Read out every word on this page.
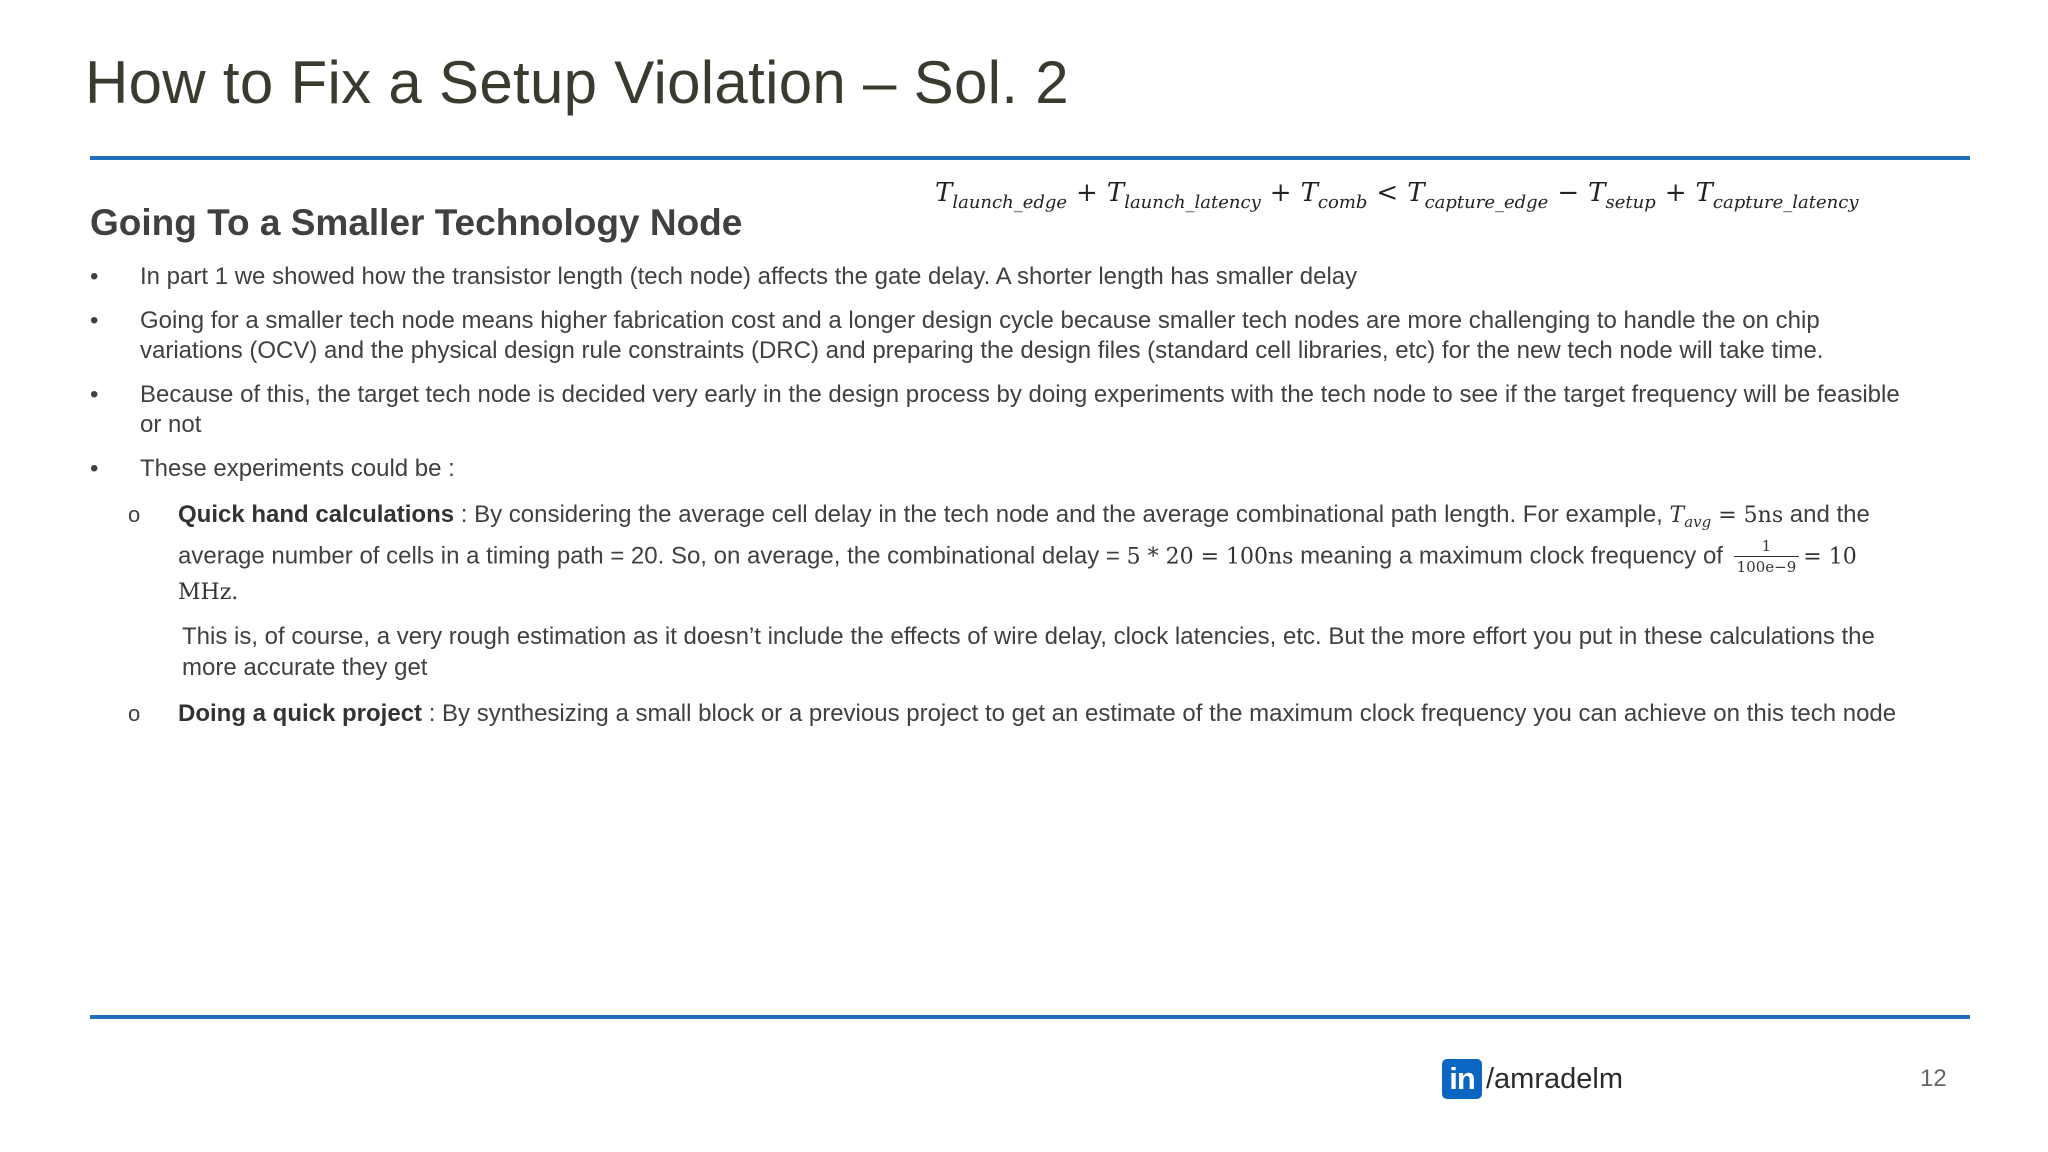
How to Fix a Setup Violation – Sol. 2
$T_{launch\_edge} + T_{launch\_latency} + T_{comb} < T_{capture\_edge} - T_{setup} + T_{capture\_latency}$
Going To a Smaller Technology Node
• In part 1 we showed how the transistor length (tech node) affects the gate delay. A shorter length has smaller delay
• Going for a smaller tech node means higher fabrication cost and a longer design cycle because smaller tech nodes are more challenging to handle the on chip variations (OCV) and the physical design rule constraints (DRC) and preparing the design files (standard cell libraries, etc) for the new tech node will take time.
• Because of this, the target tech node is decided very early in the design process by doing experiments with the tech node to see if the target frequency will be feasible or not
• These experiments could be :
o Quick hand calculations : By considering the average cell delay in the tech node and the average combinational path length. For example, $T_{avg} = 5ns$ and the average number of cells in a timing path = 20. So, on average, the combinational delay = 5 * 20 = 100ns meaning a maximum clock frequency of $\frac{1}{100e-9} = 10$ MHz.
This is, of course, a very rough estimation as it doesn’t include the effects of wire delay, clock latencies, etc. But the more effort you put in these calculations the more accurate they get
o Doing a quick project : By synthesizing a small block or a previous project to get an estimate of the maximum clock frequency you can achieve on this tech node
in /amradelm	12
